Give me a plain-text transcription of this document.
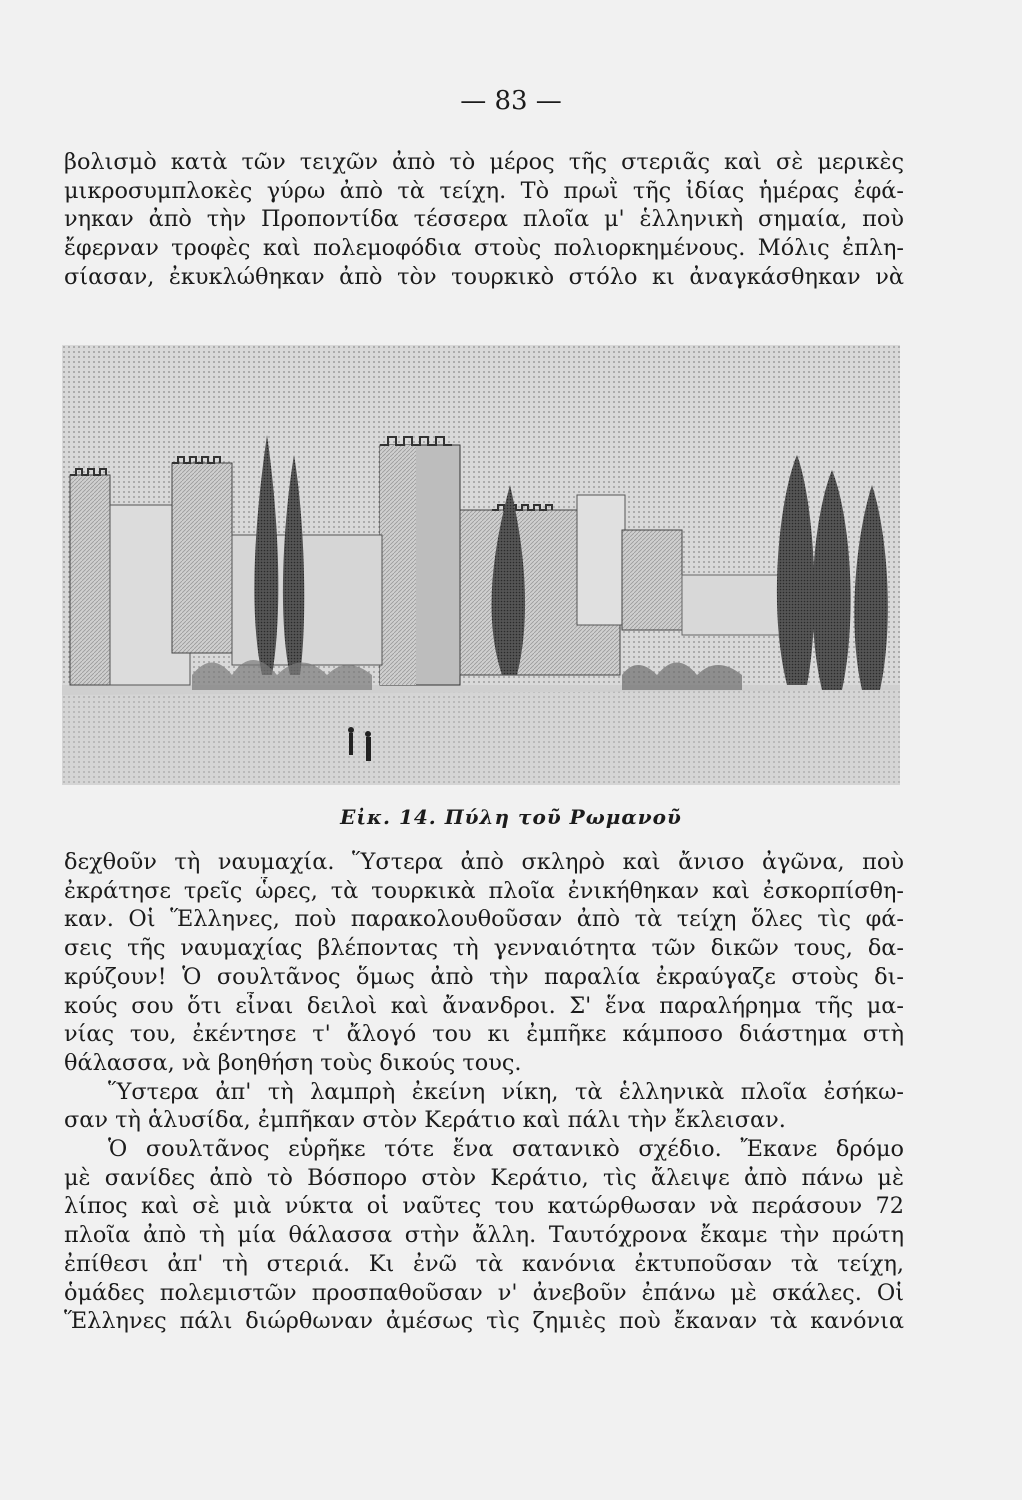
— 83 —
βολισμὸ κατὰ τῶν τειχῶν ἀπὸ τὸ μέρος τῆς στεριᾶς καὶ σὲ μερικὲς
μικροσυμπλοκὲς γύρω ἀπὸ τὰ τείχη. Τὸ πρωῒ τῆς ἰδίας ἡμέρας ἐφά-
νηκαν ἀπὸ τὴν Προποντίδα τέσσερα πλοῖα μ' ἑλληνικὴ σημαία, ποὺ
ἔφερναν τροφὲς καὶ πολεμοφόδια στοὺς πολιορκημένους. Μόλις ἐπλη-
σίασαν, ἐκυκλώθηκαν ἀπὸ τὸν τουρκικὸ στόλο κι ἀναγκάσθηκαν νὰ
Εἰκ. 14. Πύλη τοῦ Ρωμανοῦ
δεχθοῦν τὴ ναυμαχία. Ὕστερα ἀπὸ σκληρὸ καὶ ἄνισο ἀγῶνα, ποὺ
ἐκράτησε τρεῖς ὧρες, τὰ τουρκικὰ πλοῖα ἐνικήθηκαν καὶ ἐσκορπίσθη-
καν. Οἱ Ἕλληνες, ποὺ παρακολουθοῦσαν ἀπὸ τὰ τείχη ὅλες τὶς φά-
σεις τῆς ναυμαχίας βλέποντας τὴ γενναιότητα τῶν δικῶν τους, δα-
κρύζουν! Ὁ σουλτᾶνος ὅμως ἀπὸ τὴν παραλία ἐκραύγαζε στοὺς δι-
κούς σου ὅτι εἶναι δειλοὶ καὶ ἄνανδροι. Σ' ἕνα παραλήρημα τῆς μα-
νίας του, ἐκέντησε τ' ἄλογό του κι ἐμπῆκε κάμποσο διάστημα στὴ
θάλασσα, νὰ βοηθήση τοὺς δικούς τους.
Ὕστερα ἀπ' τὴ λαμπρὴ ἐκείνη νίκη, τὰ ἑλληνικὰ πλοῖα ἐσήκω-
σαν τὴ ἁλυσίδα, ἐμπῆκαν στὸν Κεράτιο καὶ πάλι τὴν ἔκλεισαν.
Ὁ σουλτᾶνος εὑρῆκε τότε ἕνα σατανικὸ σχέδιο. Ἔκανε δρόμο
μὲ σανίδες ἀπὸ τὸ Βόσπορο στὸν Κεράτιο, τὶς ἄλειψε ἀπὸ πάνω μὲ
λίπος καὶ σὲ μιὰ νύκτα οἱ ναῦτες του κατώρθωσαν νὰ περάσουν 72
πλοῖα ἀπὸ τὴ μία θάλασσα στὴν ἄλλη. Ταυτόχρονα ἔκαμε τὴν πρώτη
ἐπίθεσι ἀπ' τὴ στεριά. Κι ἐνῶ τὰ κανόνια ἐκτυποῦσαν τὰ τείχη,
ὁμάδες πολεμιστῶν προσπαθοῦσαν ν' ἀνεβοῦν ἐπάνω μὲ σκάλες. Οἱ
Ἕλληνες πάλι διώρθωναν ἀμέσως τὶς ζημιὲς ποὺ ἔκαναν τὰ κανόνια
